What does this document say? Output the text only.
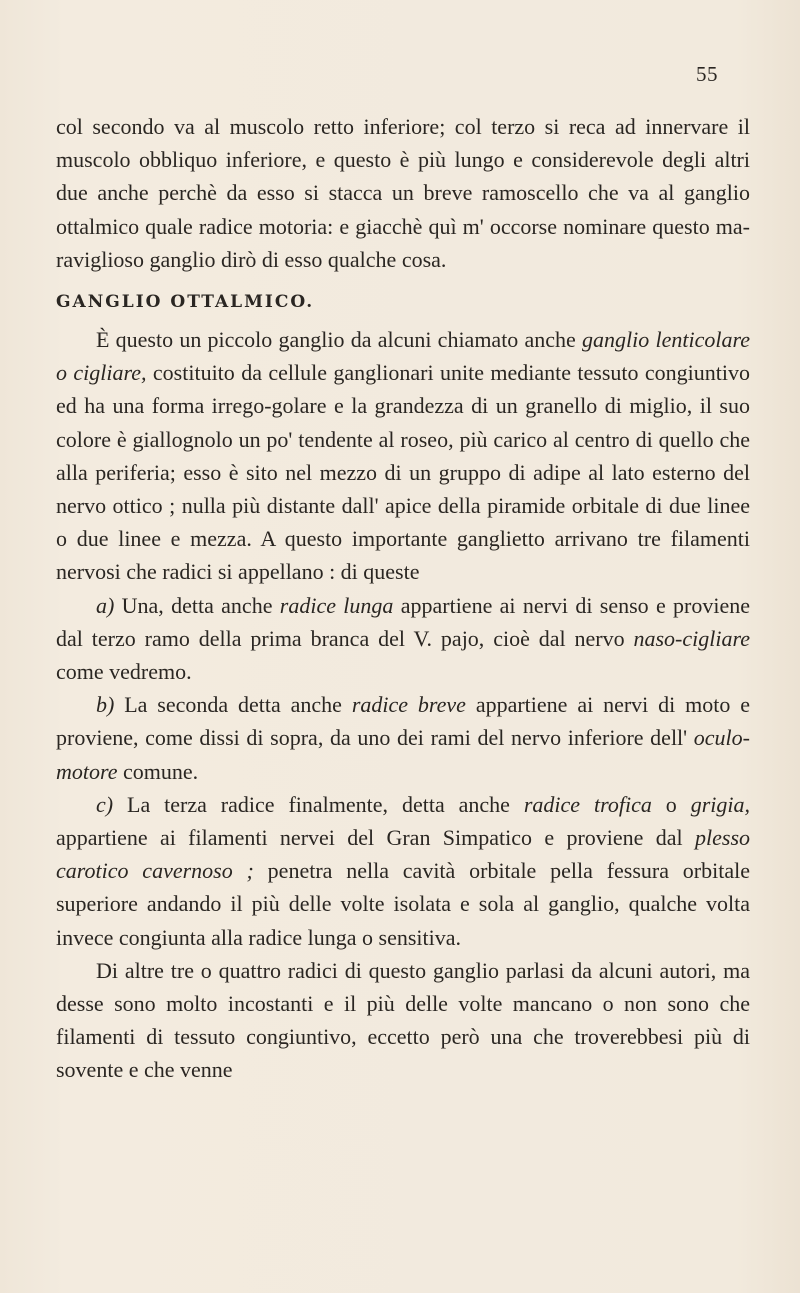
55

col secondo va al muscolo retto inferiore; col terzo si reca ad innervare il muscolo obbliquo inferiore, e questo è più lungo e considerevole degli altri due anche perchè da esso si stacca un breve ramoscello che va al ganglio ottalmico quale radice motoria: e giacchè quì m' occorse nominare questo ma-raviglioso ganglio dirò di esso qualche cosa.

GANGLIO OTTALMICO.

È questo un piccolo ganglio da alcuni chiamato anche ganglio lenticolare o cigliare, costituito da cellule ganglionari unite mediante tessuto congiuntivo ed ha una forma irrego-golare e la grandezza di un granello di miglio, il suo colore è giallognolo un po' tendente al roseo, più carico al centro di quello che alla periferia; esso è sito nel mezzo di un gruppo di adipe al lato esterno del nervo ottico ; nulla più distante dall' apice della piramide orbitale di due linee o due linee e mezza. A questo importante ganglietto arrivano tre filamenti nervosi che radici si appellano : di queste

a) Una, detta anche radice lunga appartiene ai nervi di senso e proviene dal terzo ramo della prima branca del V. pajo, cioè dal nervo naso-cigliare come vedremo.

b) La seconda detta anche radice breve appartiene ai nervi di moto e proviene, come dissi di sopra, da uno dei rami del nervo inferiore dell' oculo-motore comune.

c) La terza radice finalmente, detta anche radice trofica o grigia, appartiene ai filamenti nervei del Gran Simpatico e proviene dal plesso carotico cavernoso ; penetra nella cavità orbitale pella fessura orbitale superiore andando il più delle volte isolata e sola al ganglio, qualche volta invece congiunta alla radice lunga o sensitiva.

Di altre tre o quattro radici di questo ganglio parlasi da alcuni autori, ma desse sono molto incostanti e il più delle volte mancano o non sono che filamenti di tessuto congiuntivo, eccetto però una che troverebbesi più di sovente e che venne
